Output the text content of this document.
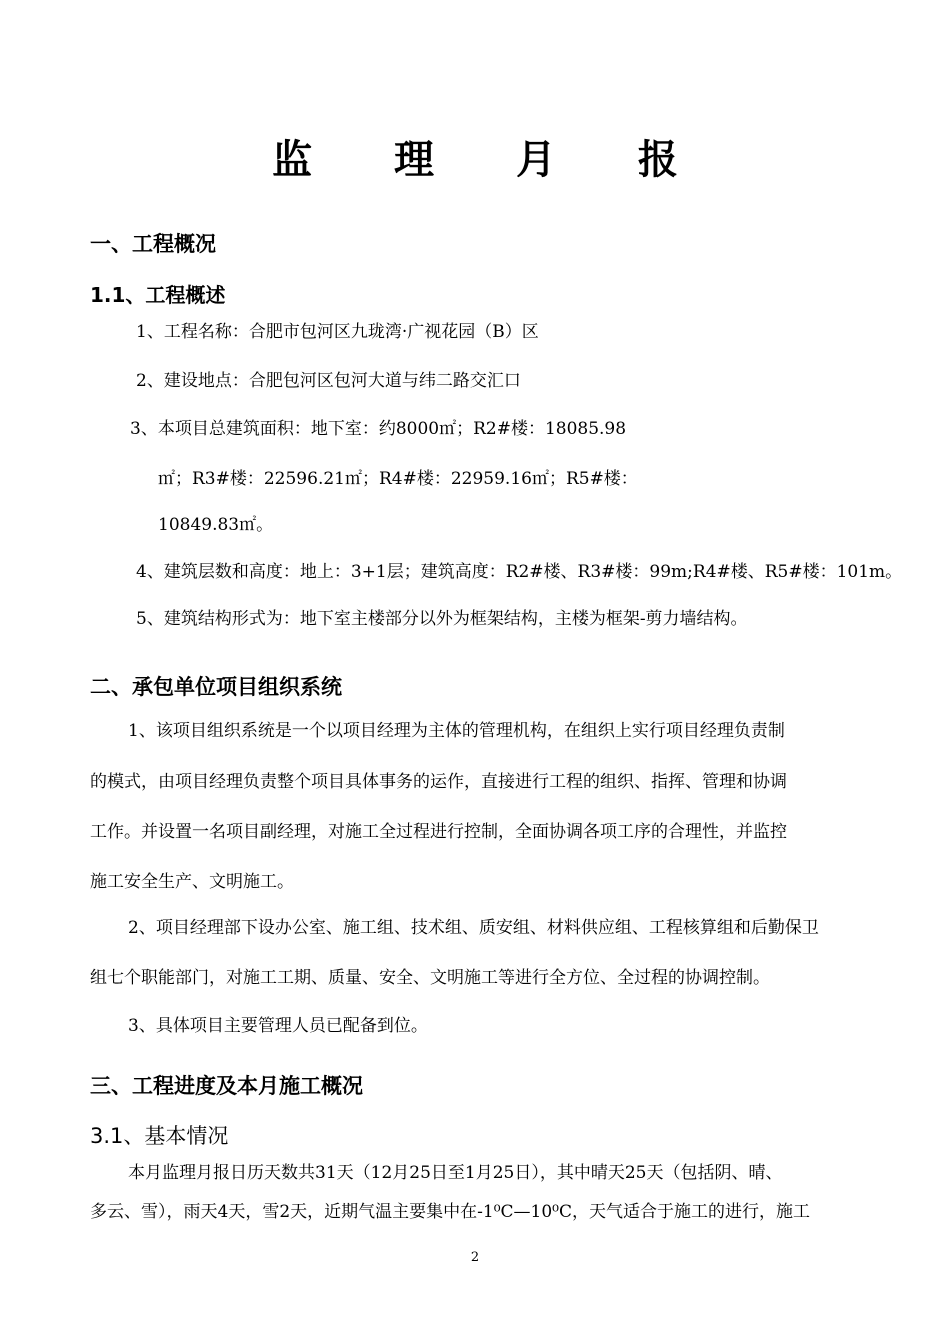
监 理 月 报
一、工程概况
1.1、工程概述
1、工程名称：合肥市包河区九珑湾·广视花园（B）区
2、建设地点：合肥包河区包河大道与纬二路交汇口
3、本项目总建筑面积：地下室：约8000㎡；R2#楼：18085.98
㎡；R3#楼：22596.21㎡；R4#楼：22959.16㎡；R5#楼：
10849.83㎡。
4、建筑层数和高度：地上：3+1层；建筑高度：R2#楼、R3#楼：99m;R4#楼、R5#楼：101m。
5、建筑结构形式为：地下室主楼部分以外为框架结构，主楼为框架-剪力墙结构。
二、承包单位项目组织系统
1、该项目组织系统是一个以项目经理为主体的管理机构，在组织上实行项目经理负责制
的模式，由项目经理负责整个项目具体事务的运作，直接进行工程的组织、指挥、管理和协调
工作。并设置一名项目副经理，对施工全过程进行控制，全面协调各项工序的合理性，并监控
施工安全生产、文明施工。
2、项目经理部下设办公室、施工组、技术组、质安组、材料供应组、工程核算组和后勤保卫
组七个职能部门，对施工工期、质量、安全、文明施工等进行全方位、全过程的协调控制。
3、具体项目主要管理人员已配备到位。
三、工程进度及本月施工概况
3.1、基本情况
本月监理月报日历天数共31天（12月25日至1月25日），其中晴天25天（包括阴、晴、
多云、雪），雨天4天，雪2天，近期气温主要集中在-1⁰C—10⁰C，天气适合于施工的进行，施工
2
